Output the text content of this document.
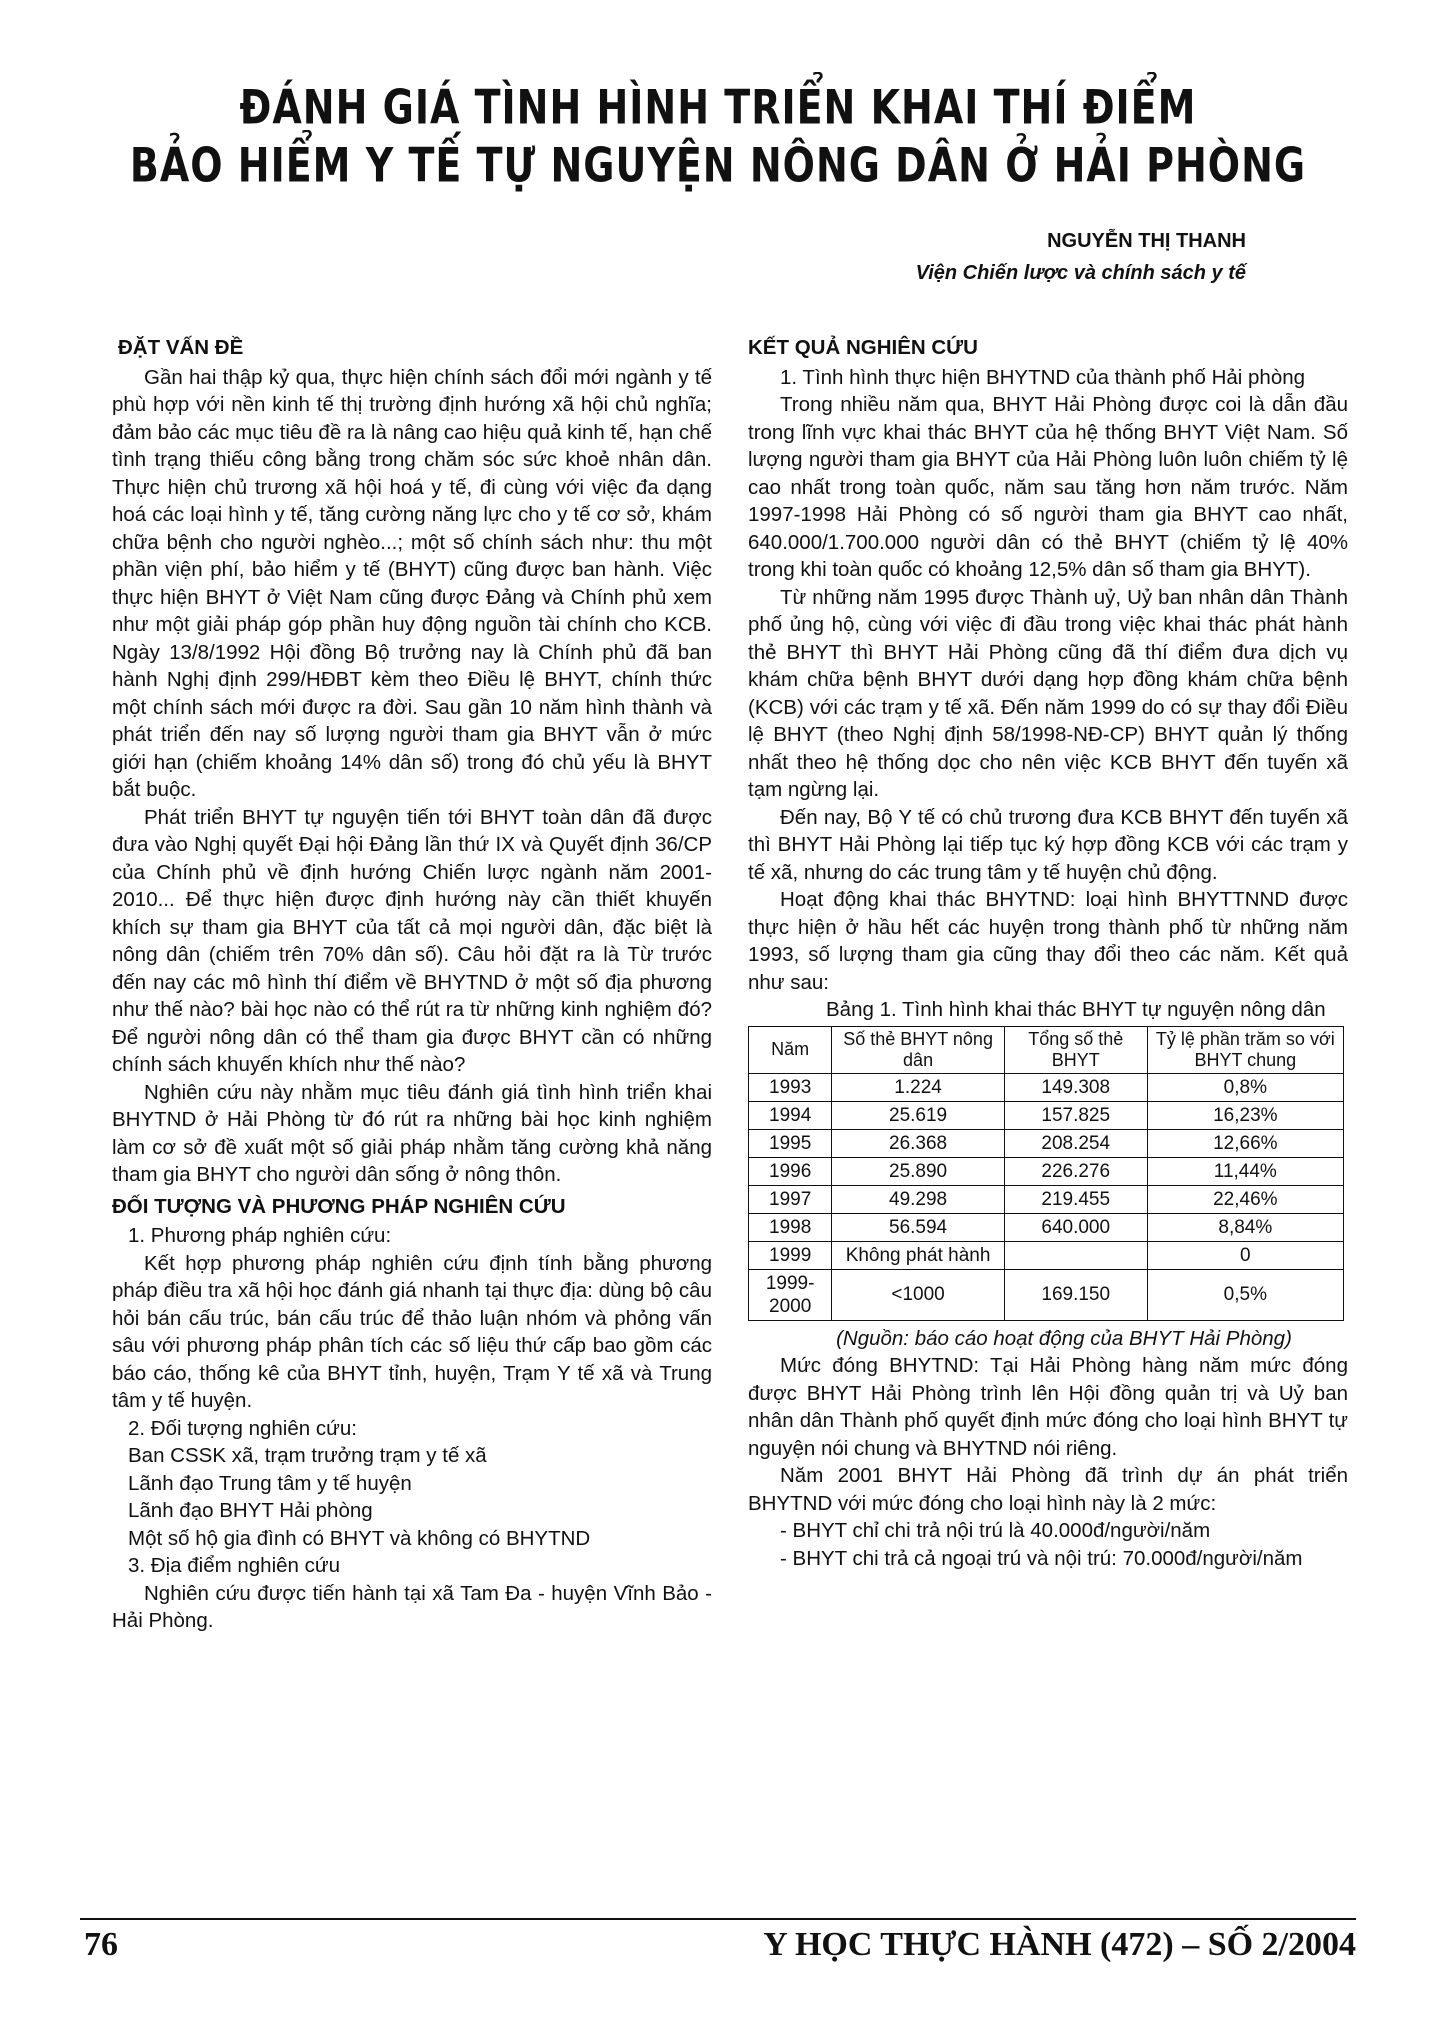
ĐÁNH GIÁ TÌNH HÌNH TRIỂN KHAI THÍ ĐIỂM
BẢO HIỂM Y TẾ TỰ NGUYỆN NÔNG DÂN Ở HẢI PHÒNG
NGUYỄN THỊ THANH
Viện Chiến lược và chính sách y tế
ĐẶT VẤN ĐỀ

Gần hai thập kỷ qua, thực hiện chính sách đổi mới ngành y tế phù hợp với nền kinh tế thị trường định hướng xã hội chủ nghĩa; đảm bảo các mục tiêu đề ra là nâng cao hiệu quả kinh tế, hạn chế tình trạng thiếu công bằng trong chăm sóc sức khoẻ nhân dân. Thực hiện chủ trương xã hội hoá y tế, đi cùng với việc đa dạng hoá các loại hình y tế, tăng cường năng lực cho y tế cơ sở, khám chữa bệnh cho người nghèo...; một số chính sách như: thu một phần viện phí, bảo hiểm y tế (BHYT) cũng được ban hành. Việc thực hiện BHYT ở Việt Nam cũng được Đảng và Chính phủ xem như một giải pháp góp phần huy động nguồn tài chính cho KCB. Ngày 13/8/1992 Hội đồng Bộ trưởng nay là Chính phủ đã ban hành Nghị định 299/HĐBT kèm theo Điều lệ BHYT, chính thức một chính sách mới được ra đời. Sau gần 10 năm hình thành và phát triển đến nay số lượng người tham gia BHYT vẫn ở mức giới hạn (chiếm khoảng 14% dân số) trong đó chủ yếu là BHYT bắt buộc.

Phát triển BHYT tự nguyện tiến tới BHYT toàn dân đã được đưa vào Nghị quyết Đại hội Đảng lần thứ IX và Quyết định 36/CP của Chính phủ về định hướng Chiến lược ngành năm 2001-2010... Để thực hiện được định hướng này cần thiết khuyến khích sự tham gia BHYT của tất cả mọi người dân, đặc biệt là nông dân (chiếm trên 70% dân số). Câu hỏi đặt ra là Từ trước đến nay các mô hình thí điểm về BHYTND ở một số địa phương như thế nào? bài học nào có thể rút ra từ những kinh nghiệm đó? Để người nông dân có thể tham gia được BHYT cần có những chính sách khuyến khích như thế nào?

Nghiên cứu này nhằm mục tiêu đánh giá tình hình triển khai BHYTND ở Hải Phòng từ đó rút ra những bài học kinh nghiệm làm cơ sở đề xuất một số giải pháp nhằm tăng cường khả năng tham gia BHYT cho người dân sống ở nông thôn.

ĐỐI TƯỢNG VÀ PHƯƠNG PHÁP NGHIÊN CỨU

1. Phương pháp nghiên cứu:

Kết hợp phương pháp nghiên cứu định tính bằng phương pháp điều tra xã hội học đánh giá nhanh tại thực địa: dùng bộ câu hỏi bán cấu trúc, bán cấu trúc để thảo luận nhóm và phỏng vấn sâu với phương pháp phân tích các số liệu thứ cấp bao gồm các báo cáo, thống kê của BHYT tỉnh, huyện, Trạm Y tế xã và Trung tâm y tế huyện.

2. Đối tượng nghiên cứu:

Ban CSSK xã, trạm trưởng trạm y tế xã

Lãnh đạo Trung tâm y tế huyện

Lãnh đạo BHYT Hải phòng

Một số hộ gia đình có BHYT và không có BHYTND

3. Địa điểm nghiên cứu

Nghiên cứu được tiến hành tại xã Tam Đa - huyện Vĩnh Bảo - Hải Phòng.

KẾT QUẢ NGHIÊN CỨU

1. Tình hình thực hiện BHYTND của thành phố Hải phòng

Trong nhiều năm qua, BHYT Hải Phòng được coi là dẫn đầu trong lĩnh vực khai thác BHYT của hệ thống BHYT Việt Nam. Số lượng người tham gia BHYT của Hải Phòng luôn luôn chiếm tỷ lệ cao nhất trong toàn quốc, năm sau tăng hơn năm trước. Năm 1997-1998 Hải Phòng có số người tham gia BHYT cao nhất, 640.000/1.700.000 người dân có thẻ BHYT (chiếm tỷ lệ 40% trong khi toàn quốc có khoảng 12,5% dân số tham gia BHYT).

Từ những năm 1995 được Thành uỷ, Uỷ ban nhân dân Thành phố ủng hộ, cùng với việc đi đầu trong việc khai thác phát hành thẻ BHYT thì BHYT Hải Phòng cũng đã thí điểm đưa dịch vụ khám chữa bệnh BHYT dưới dạng hợp đồng khám chữa bệnh (KCB) với các trạm y tế xã. Đến năm 1999 do có sự thay đổi Điều lệ BHYT (theo Nghị định 58/1998-NĐ-CP) BHYT quản lý thống nhất theo hệ thống dọc cho nên việc KCB BHYT đến tuyến xã tạm ngừng lại.

Đến nay, Bộ Y tế có chủ trương đưa KCB BHYT đến tuyến xã thì BHYT Hải Phòng lại tiếp tục ký hợp đồng KCB với các trạm y tế xã, nhưng do các trung tâm y tế huyện chủ động.

Hoạt động khai thác BHYTND: loại hình BHYTTNND được thực hiện ở hầu hết các huyện trong thành phố từ những năm 1993, số lượng tham gia cũng thay đổi theo các năm. Kết quả như sau:

Bảng 1. Tình hình khai thác BHYT tự nguyện nông dân

Năm	Số thẻ BHYT nông dân	Tổng số thẻ BHYT	Tỷ lệ phần trăm so với BHYT chung
1993	1.224	149.308	0,8%
1994	25.619	157.825	16,23%
1995	26.368	208.254	12,66%
1996	25.890	226.276	11,44%
1997	49.298	219.455	22,46%
1998	56.594	640.000	8,84%
1999	Không phát hành		0
1999-2000	<1000	169.150	0,5%

(Nguồn: báo cáo hoạt động của BHYT Hải Phòng)

Mức đóng BHYTND: Tại Hải Phòng hàng năm mức đóng được BHYT Hải Phòng trình lên Hội đồng quản trị và Uỷ ban nhân dân Thành phố quyết định mức đóng cho loại hình BHYT tự nguyện nói chung và BHYTND nói riêng.

Năm 2001 BHYT Hải Phòng đã trình dự án phát triển BHYTND với mức đóng cho loại hình này là 2 mức:

- BHYT chỉ chi trả nội trú là 40.000đ/người/năm

- BHYT chi trả cả ngoại trú và nội trú: 70.000đ/người/năm

76	Y HỌC THỰC HÀNH (472) – SỐ 2/2004
